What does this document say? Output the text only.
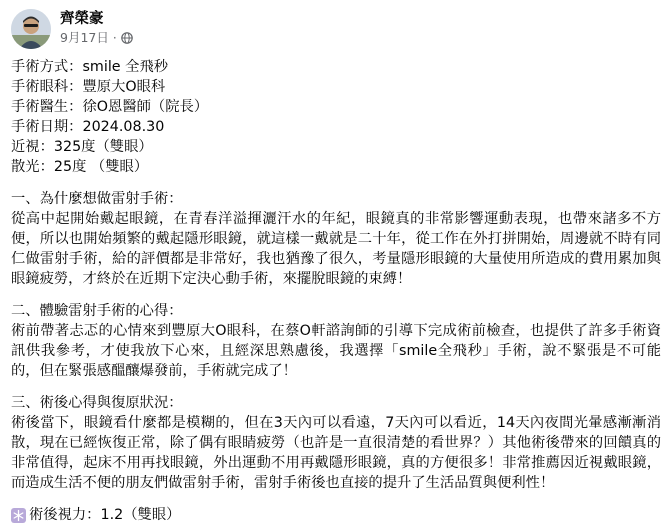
齊榮豪
9月17日 ·
手術方式：smile 全飛秒
手術眼科：豐原大O眼科
手術醫生：徐O恩醫師（院長）
手術日期：2024.08.30
近視：325度（雙眼）
散光：25度 （雙眼）
一、為什麼想做雷射手術：
從高中起開始戴起眼鏡，在青春洋溢揮灑汗水的年紀，眼鏡真的非常影響運動表現，也帶來諸多不方便，所以也開始頻繁的戴起隱形眼鏡，就這樣一戴就是二十年，從工作在外打拼開始，周邊就不時有同仁做雷射手術，給的評價都是非常好，我也猶豫了很久，考量隱形眼鏡的大量使用所造成的費用累加與眼鏡疲勞，才終於在近期下定決心動手術，來擺脫眼鏡的束縛！
二、體驗雷射手術的心得：
術前帶著忐忑的心情來到豐原大O眼科，在蔡O軒諮詢師的引導下完成術前檢查，也提供了許多手術資訊供我參考，才使我放下心來，且經深思熟慮後，我選擇「smile全飛秒」手術，說不緊張是不可能的，但在緊張感醞釀爆發前，手術就完成了！
三、術後心得與復原狀況：
術後當下，眼鏡看什麼都是模糊的，但在3天內可以看遠，7天內可以看近，14天內夜間光暈感漸漸消散，現在已經恢復正常，除了偶有眼睛疲勞（也許是一直很清楚的看世界？）其他術後帶來的回饋真的非常值得，起床不用再找眼鏡，外出運動不用再戴隱形眼鏡，真的方便很多！非常推薦因近視戴眼鏡，而造成生活不便的朋友們做雷射手術，雷射手術後也直接的提升了生活品質與便利性！
術後視力：1.2（雙眼）
